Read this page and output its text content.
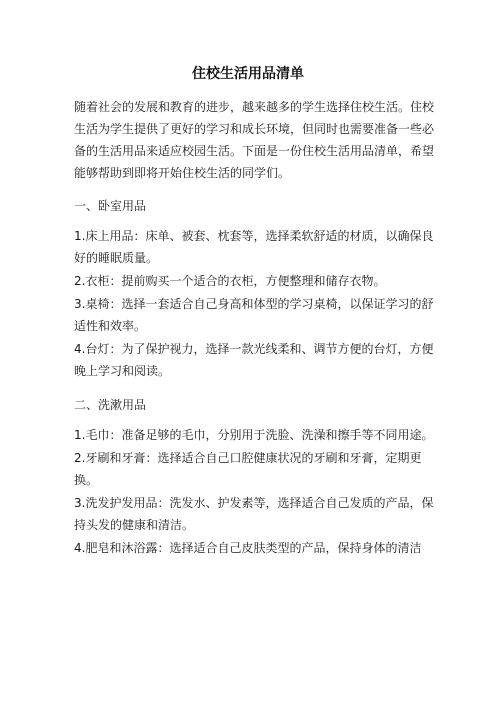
住校生活用品清单

随着社会的发展和教育的进步，越来越多的学生选择住校生活。住校生活为学生提供了更好的学习和成长环境，但同时也需要准备一些必备的生活用品来适应校园生活。下面是一份住校生活用品清单，希望能够帮助到即将开始住校生活的同学们。

一、卧室用品

1.床上用品：床单、被套、枕套等，选择柔软舒适的材质，以确保良好的睡眠质量。

2.衣柜：提前购买一个适合的衣柜，方便整理和储存衣物。

3.桌椅：选择一套适合自己身高和体型的学习桌椅，以保证学习的舒适性和效率。

4.台灯：为了保护视力，选择一款光线柔和、调节方便的台灯，方便晚上学习和阅读。

二、洗漱用品

1.毛巾：准备足够的毛巾，分别用于洗脸、洗澡和擦手等不同用途。

2.牙刷和牙膏：选择适合自己口腔健康状况的牙刷和牙膏，定期更换。

3.洗发护发用品：洗发水、护发素等，选择适合自己发质的产品，保持头发的健康和清洁。

4.肥皂和沐浴露：选择适合自己皮肤类型的产品，保持身体的清洁
